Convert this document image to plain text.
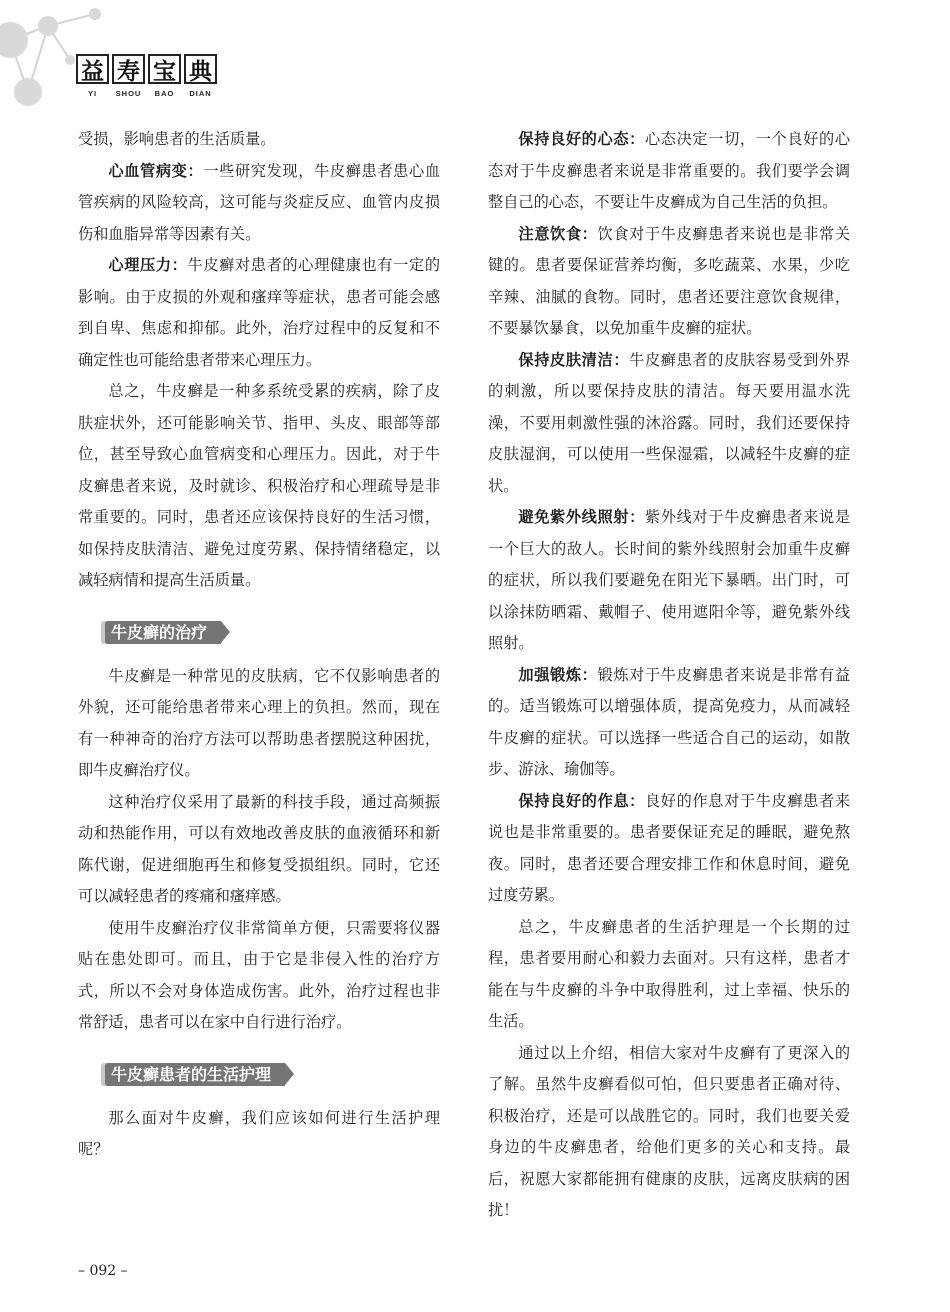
益 寿 宝 典
YI	SHOU	BAO	DIAN

受损，影响患者的生活质量。

心血管病变：一些研究发现，牛皮癣患者患心血管疾病的风险较高，这可能与炎症反应、血管内皮损伤和血脂异常等因素有关。

心理压力：牛皮癣对患者的心理健康也有一定的影响。由于皮损的外观和瘙痒等症状，患者可能会感到自卑、焦虑和抑郁。此外，治疗过程中的反复和不确定性也可能给患者带来心理压力。

总之，牛皮癣是一种多系统受累的疾病，除了皮肤症状外，还可能影响关节、指甲、头皮、眼部等部位，甚至导致心血管病变和心理压力。因此，对于牛皮癣患者来说，及时就诊、积极治疗和心理疏导是非常重要的。同时，患者还应该保持良好的生活习惯，如保持皮肤清洁、避免过度劳累、保持情绪稳定，以减轻病情和提高生活质量。

牛皮癣的治疗

牛皮癣是一种常见的皮肤病，它不仅影响患者的外貌，还可能给患者带来心理上的负担。然而，现在有一种神奇的治疗方法可以帮助患者摆脱这种困扰，即牛皮癣治疗仪。

这种治疗仪采用了最新的科技手段，通过高频振动和热能作用，可以有效地改善皮肤的血液循环和新陈代谢，促进细胞再生和修复受损组织。同时，它还可以减轻患者的疼痛和瘙痒感。

使用牛皮癣治疗仪非常简单方便，只需要将仪器贴在患处即可。而且，由于它是非侵入性的治疗方式，所以不会对身体造成伤害。此外，治疗过程也非常舒适，患者可以在家中自行进行治疗。

牛皮癣患者的生活护理

那么面对牛皮癣，我们应该如何进行生活护理呢？

保持良好的心态：心态决定一切，一个良好的心态对于牛皮癣患者来说是非常重要的。我们要学会调整自己的心态，不要让牛皮癣成为自己生活的负担。

注意饮食：饮食对于牛皮癣患者来说也是非常关键的。患者要保证营养均衡，多吃蔬菜、水果，少吃辛辣、油腻的食物。同时，患者还要注意饮食规律，不要暴饮暴食，以免加重牛皮癣的症状。

保持皮肤清洁：牛皮癣患者的皮肤容易受到外界的刺激，所以要保持皮肤的清洁。每天要用温水洗澡，不要用刺激性强的沐浴露。同时，我们还要保持皮肤湿润，可以使用一些保湿霜，以减轻牛皮癣的症状。

避免紫外线照射：紫外线对于牛皮癣患者来说是一个巨大的敌人。长时间的紫外线照射会加重牛皮癣的症状，所以我们要避免在阳光下暴晒。出门时，可以涂抹防晒霜、戴帽子、使用遮阳伞等，避免紫外线照射。

加强锻炼：锻炼对于牛皮癣患者来说是非常有益的。适当锻炼可以增强体质，提高免疫力，从而减轻牛皮癣的症状。可以选择一些适合自己的运动，如散步、游泳、瑜伽等。

保持良好的作息：良好的作息对于牛皮癣患者来说也是非常重要的。患者要保证充足的睡眠，避免熬夜。同时，患者还要合理安排工作和休息时间，避免过度劳累。

总之，牛皮癣患者的生活护理是一个长期的过程，患者要用耐心和毅力去面对。只有这样，患者才能在与牛皮癣的斗争中取得胜利，过上幸福、快乐的生活。

通过以上介绍，相信大家对牛皮癣有了更深入的了解。虽然牛皮癣看似可怕，但只要患者正确对待、积极治疗，还是可以战胜它的。同时，我们也要关爱身边的牛皮癣患者，给他们更多的关心和支持。最后，祝愿大家都能拥有健康的皮肤，远离皮肤病的困扰！

– 092 –
